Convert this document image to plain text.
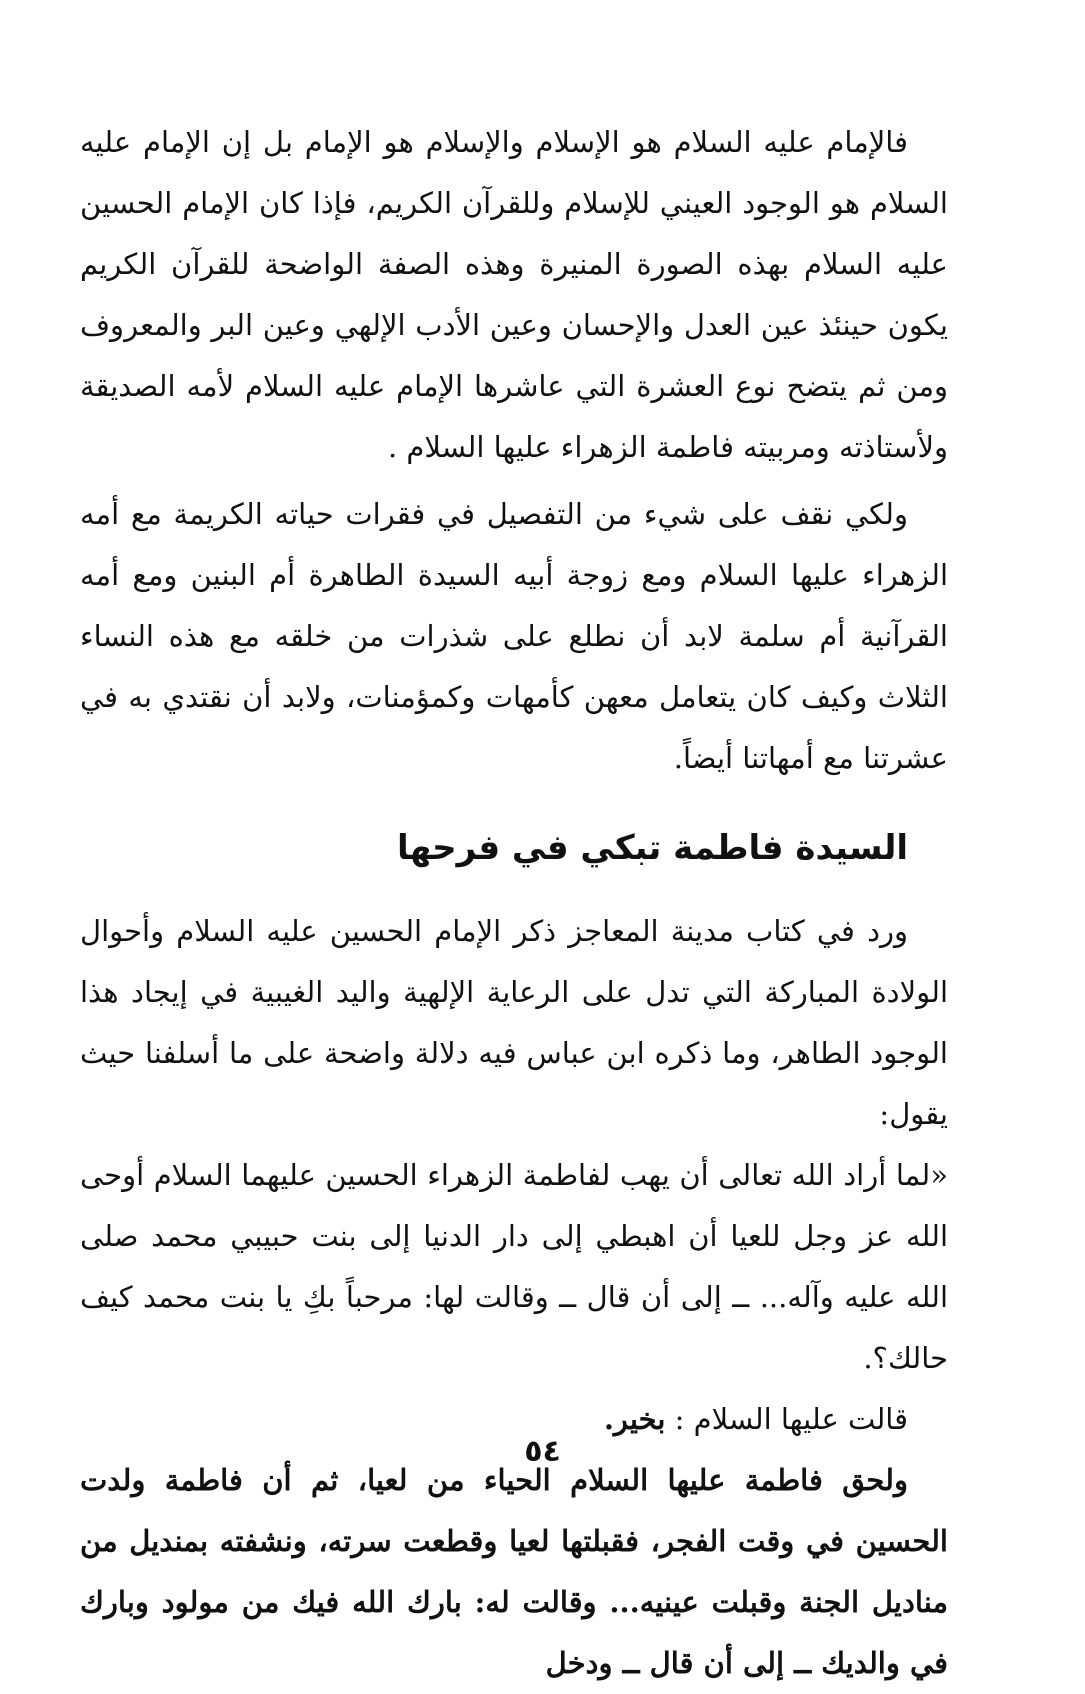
فالإمام عليه السلام هو الإسلام والإسلام هو الإمام بل إن الإمام عليه السلام هو الوجود العيني للإسلام وللقرآن الكريم، فإذا كان الإمام الحسين عليه السلام بهذه الصورة المنيرة وهذه الصفة الواضحة للقرآن الكريم يكون حينئذ عين العدل والإحسان وعين الأدب الإلهي وعين البر والمعروف ومن ثم يتضح نوع العشرة التي عاشرها الإمام عليه السلام لأمه الصديقة ولأستاذته ومربيته فاطمة الزهراء عليها السلام .

ولكي نقف على شيء من التفصيل في فقرات حياته الكريمة مع أمه الزهراء عليها السلام ومع زوجة أبيه السيدة الطاهرة أم البنين ومع أمه القرآنية أم سلمة لابد أن نطلع على شذرات من خلقه مع هذه النساء الثلاث وكيف كان يتعامل معهن كأمهات وكمؤمنات، ولابد أن نقتدي به في عشرتنا مع أمهاتنا أيضاً.

السيدة فاطمة تبكي في فرحها

ورد في كتاب مدينة المعاجز ذكر الإمام الحسين عليه السلام وأحوال الولادة المباركة التي تدل على الرعاية الإلهية واليد الغيبية في إيجاد هذا الوجود الطاهر، وما ذكره ابن عباس فيه دلالة واضحة على ما أسلفنا حيث يقول:

«لما أراد الله تعالى أن يهب لفاطمة الزهراء الحسين عليهما السلام أوحى الله عز وجل للعيا أن اهبطي إلى دار الدنيا إلى بنت حبيبي محمد صلى الله عليه وآله... ــ إلى أن قال ــ وقالت لها: مرحباً بكِ يا بنت محمد كيف حالك؟.

قالت عليها السلام : بخير.

ولحق فاطمة عليها السلام الحياء من لعيا، ثم أن فاطمة ولدت الحسين في وقت الفجر، فقبلتها لعيا وقطعت سرته، ونشفته بمنديل من مناديل الجنة وقبلت عينيه... وقالت له: بارك الله فيك من مولود وبارك في والديك ــ إلى أن قال ــ ودخل

٥٤
